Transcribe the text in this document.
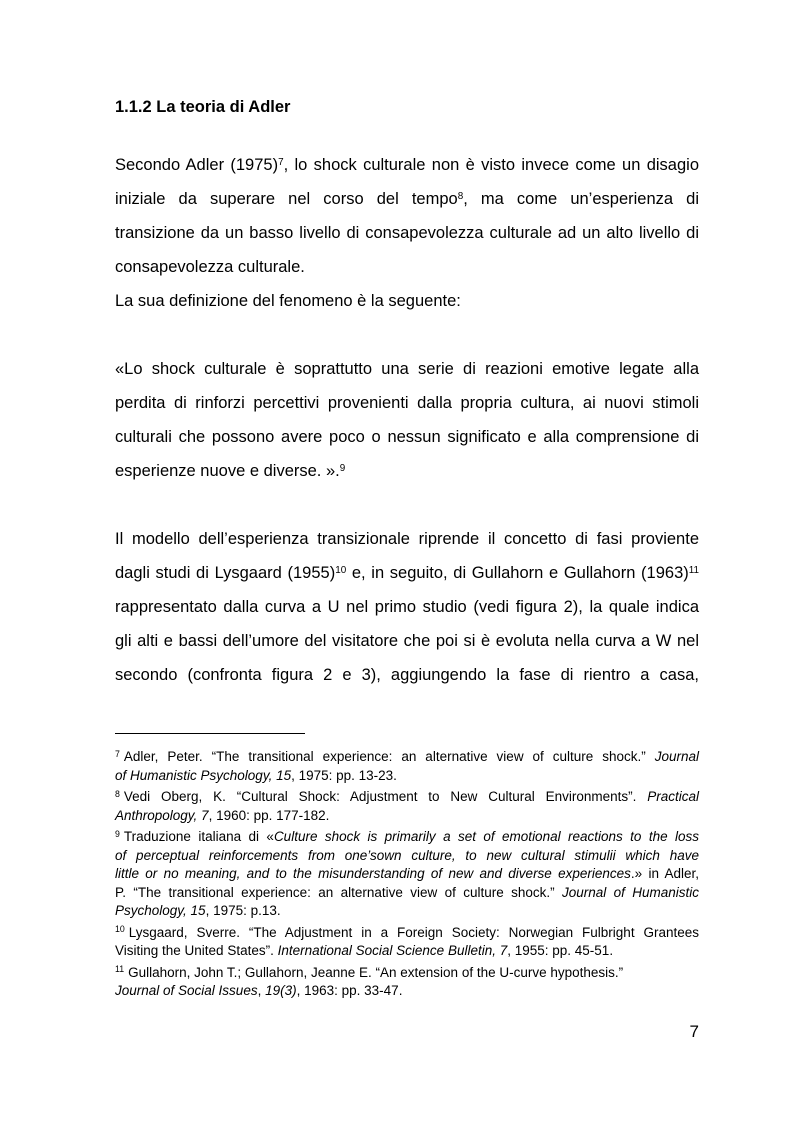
1.1.2 La teoria di Adler
Secondo Adler $(1975)^7$, lo shock culturale non è visto invece come un disagio
iniziale da superare nel corso del tempo$^8$, ma come un’esperienza di
transizione da un basso livello di consapevolezza culturale ad un alto livello di
consapevolezza culturale.
La sua definizione del fenomeno è la seguente:
«Lo shock culturale è soprattutto una serie di reazioni emotive legate alla
perdita di rinforzi percettivi provenienti dalla propria cultura, ai nuovi stimoli
culturali che possono avere poco o nessun significato e alla comprensione di
esperienze nuove e diverse. ».$^9$
Il modello dell’esperienza transizionale riprende il concetto di fasi proviente
dagli studi di Lysgaard $(1955)^{10}$ e, in seguito, di Gullahorn e Gullahorn $(1963)^{11}$
rappresentato dalla curva a U nel primo studio (vedi figura 2), la quale indica
gli alti e bassi dell’umore del visitatore che poi si è evoluta nella curva a W nel
secondo (confronta figura 2 e 3), aggiungendo la fase di rientro a casa,
$^7$ Adler, Peter. “The transitional experience: an alternative view of culture shock.” Journal
of Humanistic Psychology, 15, 1975: pp. 13-23.
$^8$ Vedi Oberg, K. “Cultural Shock: Adjustment to New Cultural Environments”. Practical
Anthropology, 7, 1960: pp. 177-182.
$^9$ Traduzione italiana di «Culture shock is primarily a set of emotional reactions to the loss
of perceptual reinforcements from one’sown culture, to new cultural stimulii which have
little or no meaning, and to the misunderstanding of new and diverse experiences.» in Adler,
P. “The transitional experience: an alternative view of culture shock.” Journal of Humanistic
Psychology, 15, 1975: p.13.
$^{10}$ Lysgaard, Sverre. “The Adjustment in a Foreign Society: Norwegian Fulbright Grantees
Visiting the United States”. International Social Science Bulletin, 7, 1955: pp. 45-51.
$^{11}$ Gullahorn, John T.; Gullahorn, Jeanne E. “An extension of the U-curve hypothesis.”
Journal of Social Issues, 19(3), 1963: pp. 33-47.
7
